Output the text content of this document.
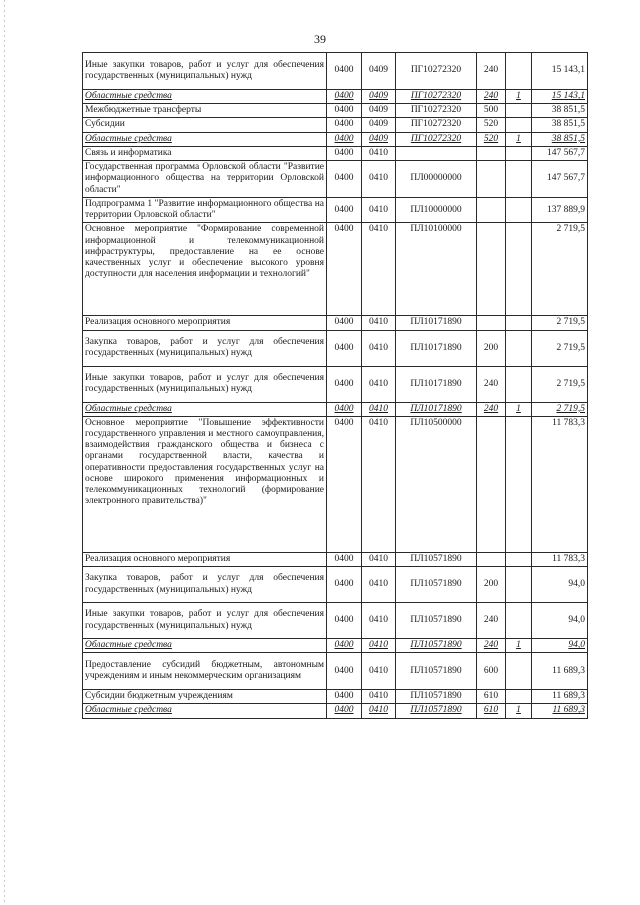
39
Иные закупки товаров, работ и услуг для обеспечения государственных (муниципальных) нужд	0400	0409	ПГ10272320	240		15 143,1
Областные средства	0400	0409	ПГ10272320	240	1	15 143,1
Межбюджетные трансферты	0400	0409	ПГ10272320	500		38 851,5
Субсидии	0400	0409	ПГ10272320	520		38 851,5
Областные средства	0400	0409	ПГ10272320	520	1	38 851,5
Связь и информатика	0400	0410				147 567,7
Государственная программа Орловской области "Развитие информационного общества на территории Орловской области"	0400	0410	ПЛ00000000			147 567,7
Подпрограмма 1 "Развитие информационного общества на территории Орловской области"	0400	0410	ПЛ10000000			137 889,9
Основное мероприятие "Формирование современной информационной и телекоммуникационной инфраструктуры, предоставление на ее основе качественных услуг и обеспечение высокого уровня доступности для населения информации и технологий"	0400	0410	ПЛ10100000			2 719,5
Реализация основного мероприятия	0400	0410	ПЛ10171890			2 719,5
Закупка товаров, работ и услуг для обеспечения государственных (муниципальных) нужд	0400	0410	ПЛ10171890	200		2 719,5
Иные закупки товаров, работ и услуг для обеспечения государственных (муниципальных) нужд	0400	0410	ПЛ10171890	240		2 719,5
Областные средства	0400	0410	ПЛ10171890	240	1	2 719,5
Основное мероприятие "Повышение эффективности государственного управления и местного самоуправления, взаимодействия гражданского общества и бизнеса с органами государственной власти, качества и оперативности предоставления государственных услуг на основе широкого применения информационных и телекоммуникационных технологий (формирование электронного правительства)"	0400	0410	ПЛ10500000			11 783,3
Реализация основного мероприятия	0400	0410	ПЛ10571890			11 783,3
Закупка товаров, работ и услуг для обеспечения государственных (муниципальных) нужд	0400	0410	ПЛ10571890	200		94,0
Иные закупки товаров, работ и услуг для обеспечения государственных (муниципальных) нужд	0400	0410	ПЛ10571890	240		94,0
Областные средства	0400	0410	ПЛ10571890	240	1	94,0
Предоставление субсидий бюджетным, автономным учреждениям и иным некоммерческим организациям	0400	0410	ПЛ10571890	600		11 689,3
Субсидии бюджетным учреждениям	0400	0410	ПЛ10571890	610		11 689,3
Областные средства	0400	0410	ПЛ10571890	610	1	11 689,3
